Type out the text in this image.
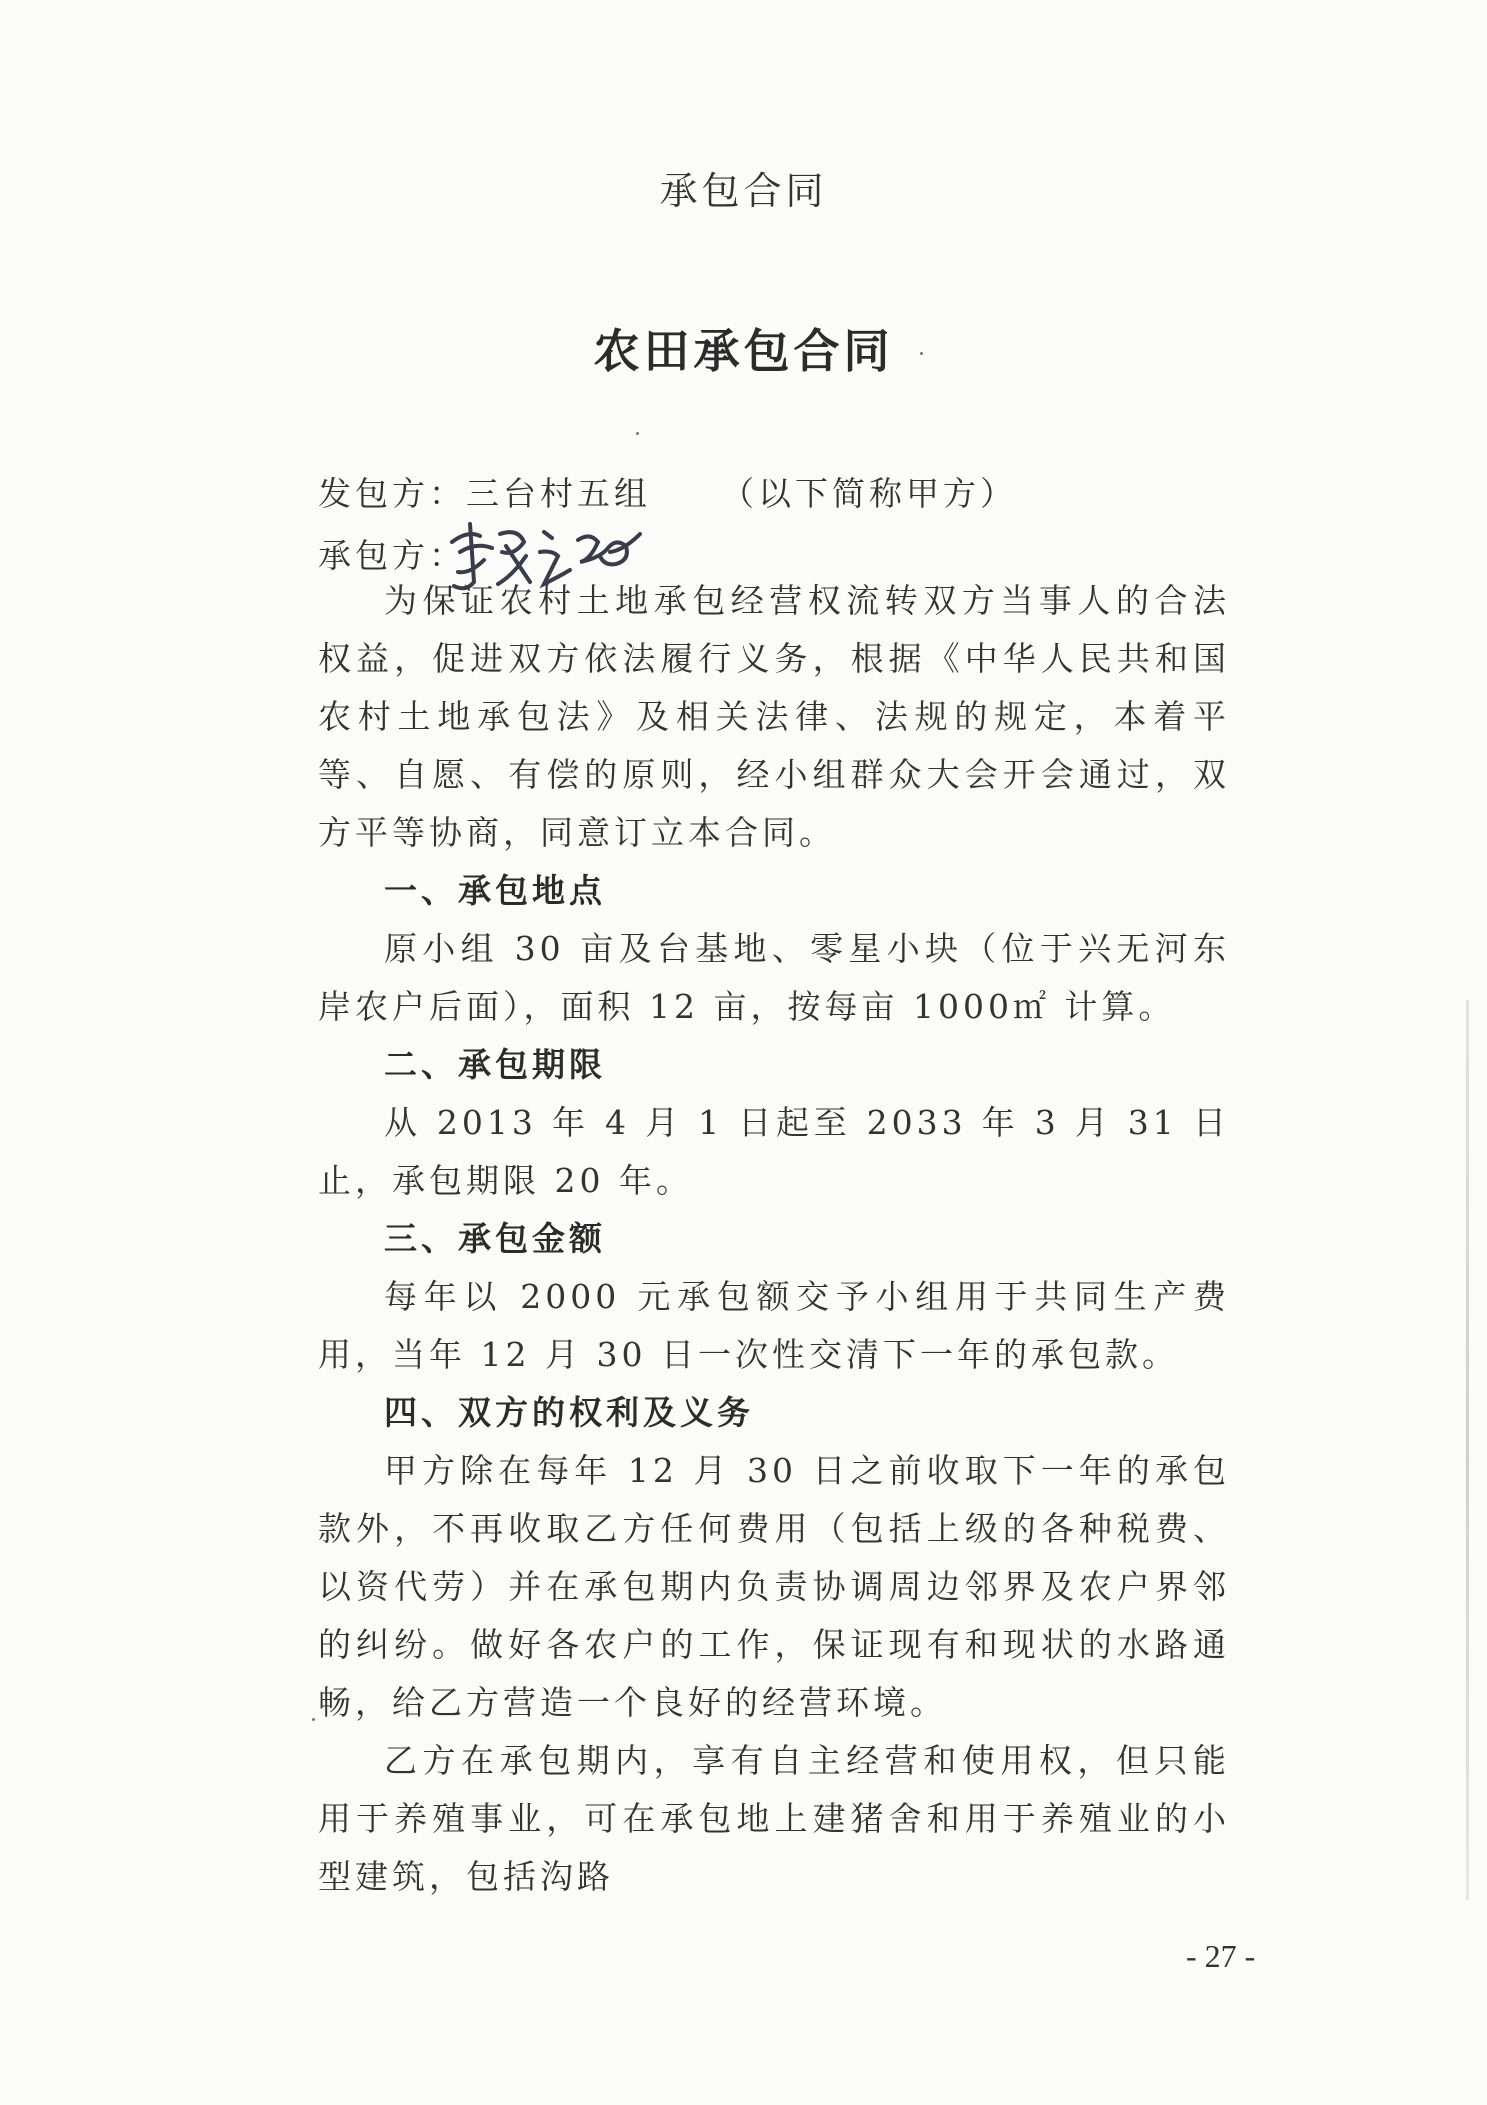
承包合同
农田承包合同
发包方：三台村五组 （以下简称甲方）
承包方：

为保证农村土地承包经营权流转双方当事人的合法权益，促进双方依法履行义务，根据《中华人民共和国农村土地承包法》及相关法律、法规的规定，本着平等、自愿、有偿的原则，经小组群众大会开会通过，双方平等协商，同意订立本合同。

一、承包地点

原小组 30 亩及台基地、零星小块（位于兴无河东岸农户后面），面积 12 亩，按每亩 1000㎡ 计算。

二、承包期限

从 2013 年 4 月 1 日起至 2033 年 3 月 31 日止，承包期限 20 年。

三、承包金额

每年以 2000 元承包额交予小组用于共同生产费用，当年 12 月 30 日一次性交清下一年的承包款。

四、双方的权利及义务

甲方除在每年 12 月 30 日之前收取下一年的承包款外，不再收取乙方任何费用（包括上级的各种税费、以资代劳）并在承包期内负责协调周边邻界及农户界邻的纠纷。做好各农户的工作，保证现有和现状的水路通畅，给乙方营造一个良好的经营环境。

乙方在承包期内，享有自主经营和使用权，但只能用于养殖事业，可在承包地上建猪舍和用于养殖业的小型建筑，包括沟路

- 27 -
